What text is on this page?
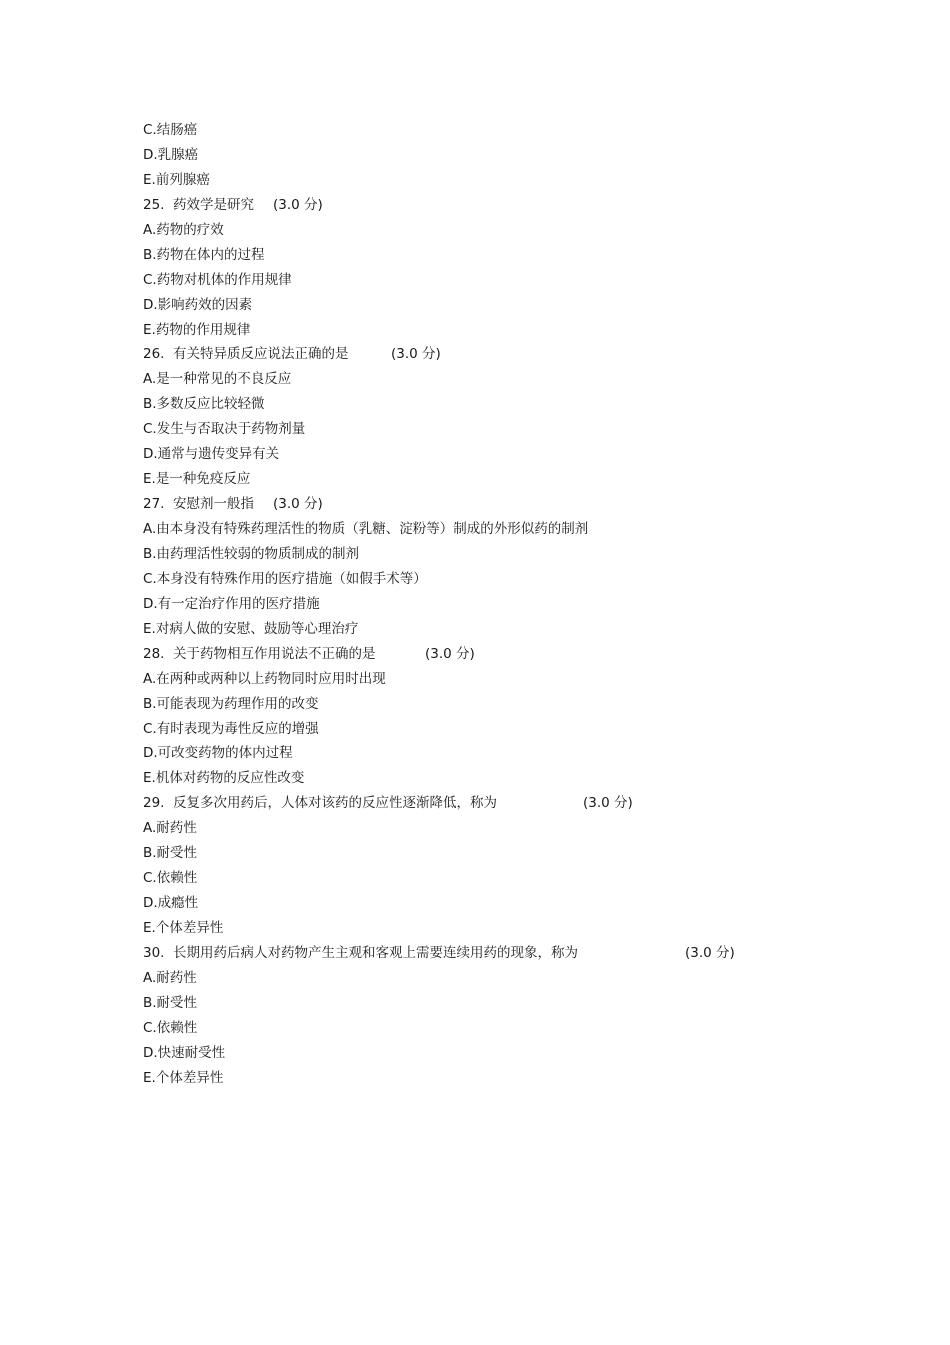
C.结肠癌
D.乳腺癌
E.前列腺癌
25.  药效学是研究 (3.0 分)
A.药物的疗效
B.药物在体内的过程
C.药物对机体的作用规律
D.影响药效的因素
E.药物的作用规律
26.  有关特异质反应说法正确的是	(3.0 分)
A.是一种常见的不良反应
B.多数反应比较轻微
C.发生与否取决于药物剂量
D.通常与遗传变异有关
E.是一种免疫反应
27.  安慰剂一般指 (3.0 分)
A.由本身没有特殊药理活性的物质（乳糖、淀粉等）制成的外形似药的制剂
B.由药理活性较弱的物质制成的制剂
C.本身没有特殊作用的医疗措施（如假手术等）
D.有一定治疗作用的医疗措施
E.对病人做的安慰、鼓励等心理治疗
28.  关于药物相互作用说法不正确的是	(3.0 分)
A.在两种或两种以上药物同时应用时出现
B.可能表现为药理作用的改变
C.有时表现为毒性反应的增强
D.可改变药物的体内过程
E.机体对药物的反应性改变
29.  反复多次用药后，人体对该药的反应性逐渐降低，称为	(3.0 分)
A.耐药性
B.耐受性
C.依赖性
D.成瘾性
E.个体差异性
30.  长期用药后病人对药物产生主观和客观上需要连续用药的现象，称为	(3.0 分)
A.耐药性
B.耐受性
C.依赖性
D.快速耐受性
E.个体差异性
